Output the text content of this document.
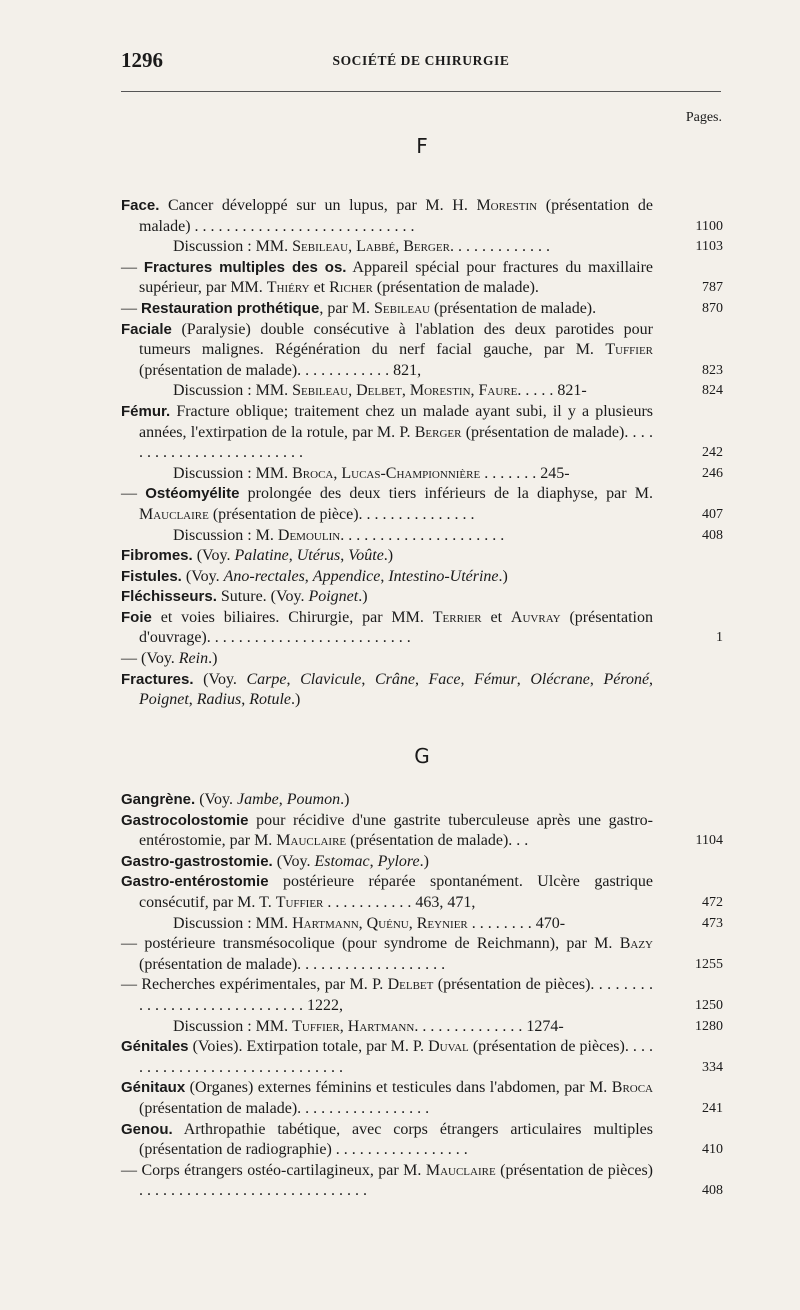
1296	SOCIÉTÉ DE CHIRURGIE
Pages.
F
Face. Cancer développé sur un lupus, par M. H. Morestin (présentation de malade) . . . . . . . . . . . . . . . . . . . . . . . . . . . .	1100
Discussion : MM. Sebileau, Labbé, Berger. . . . . . . . . . . . .	1103
— Fractures multiples des os. Appareil spécial pour fractures du maxillaire supérieur, par MM. Thiéry et Richer (présentation de malade).	787
— Restauration prothétique, par M. Sebileau (présentation de malade).	870
Faciale (Paralysie) double consécutive à l'ablation des deux parotides pour tumeurs malignes. Régénération du nerf facial gauche, par M. Tuffier (présentation de malade). . . . . . . . . . . . 821,	823
Discussion : MM. Sebileau, Delbet, Morestin, Faure. . . . . 821-	824
Fémur. Fracture oblique; traitement chez un malade ayant subi, il y a plusieurs années, l'extirpation de la rotule, par M. P. Berger (présentation de malade). . . . . . . . . . . . . . . . . . . . . . . . .	242
Discussion : MM. Broca, Lucas-Championnière . . . . . . . 245-	246
— Ostéomyélite prolongée des deux tiers inférieurs de la diaphyse, par M. Mauclaire (présentation de pièce). . . . . . . . . . . . . . .	407
Discussion : M. Demoulin. . . . . . . . . . . . . . . . . . . . .	408
Fibromes. (Voy. Palatine, Utérus, Voûte.)
Fistules. (Voy. Ano-rectales, Appendice, Intestino-Utérine.)
Fléchisseurs. Suture. (Voy. Poignet.)
Foie et voies biliaires. Chirurgie, par MM. Terrier et Auvray (présentation d'ouvrage). . . . . . . . . . . . . . . . . . . . . . . . . .	1
— (Voy. Rein.)
Fractures. (Voy. Carpe, Clavicule, Crâne, Face, Fémur, Olécrane, Péroné, Poignet, Radius, Rotule.)
G
Gangrène. (Voy. Jambe, Poumon.)
Gastrocolostomie pour récidive d'une gastrite tuberculeuse après une gastro-entérostomie, par M. Mauclaire (présentation de malade). . .	1104
Gastro-gastrostomie. (Voy. Estomac, Pylore.)
Gastro-entérostomie postérieure réparée spontanément. Ulcère gastrique consécutif, par M. T. Tuffier . . . . . . . . . . . 463, 471,	472
Discussion : MM. Hartmann, Quénu, Reynier . . . . . . . . 470-	473
— postérieure transmésocolique (pour syndrome de Reichmann), par M. Bazy (présentation de malade). . . . . . . . . . . . . . . . . . .	1255
— Recherches expérimentales, par M. P. Delbet (présentation de pièces). . . . . . . . . . . . . . . . . . . . . . . . . . . . . 1222,	1250
Discussion : MM. Tuffier, Hartmann. . . . . . . . . . . . . . 1274-	1280
Génitales (Voies). Extirpation totale, par M. P. Duval (présentation de pièces). . . . . . . . . . . . . . . . . . . . . . . . . . . . . .	334
Génitaux (Organes) externes féminins et testicules dans l'abdomen, par M. Broca (présentation de malade). . . . . . . . . . . . . . . . .	241
Genou. Arthropathie tabétique, avec corps étrangers articulaires multiples (présentation de radiographie) . . . . . . . . . . . . . . . . .	410
— Corps étrangers ostéo-cartilagineux, par M. Mauclaire (présentation de pièces) . . . . . . . . . . . . . . . . . . . . . . . . . . . . .	408
